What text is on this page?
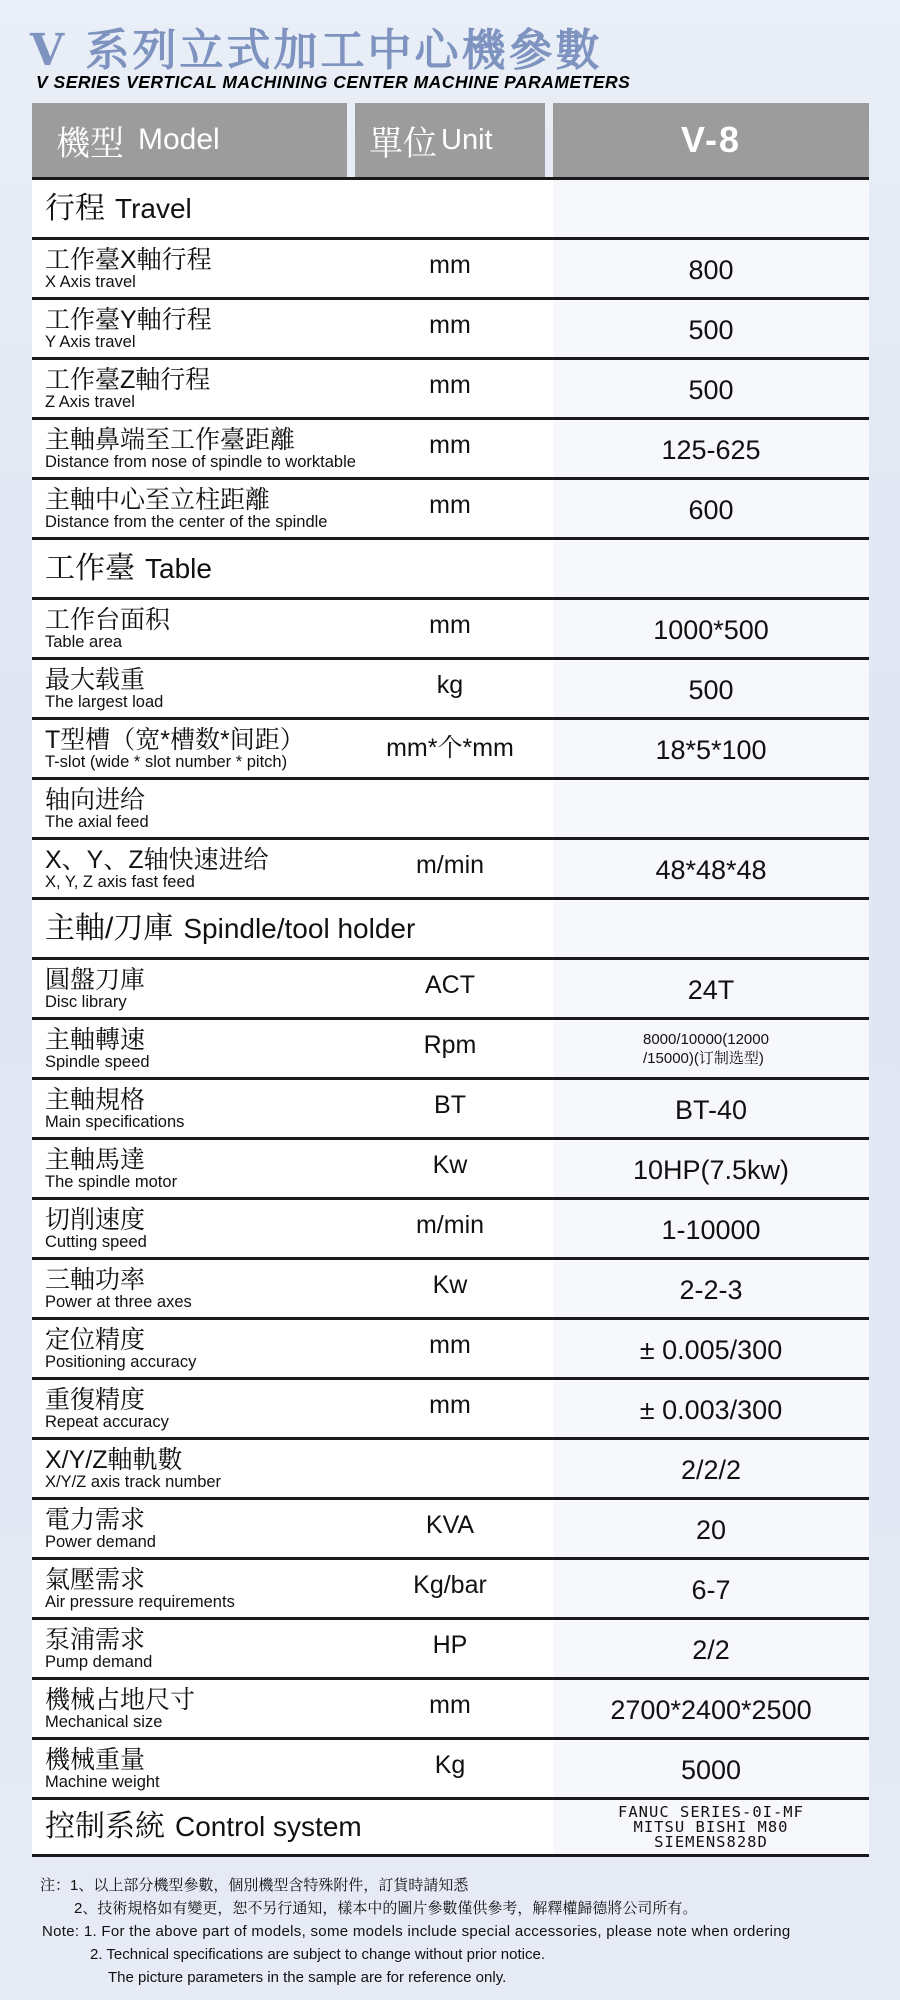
V 系列立式加工中心機參數
V SERIES VERTICAL MACHINING CENTER MACHINE PARAMETERS
機型 Model	單位 Unit	V-8
行程 Travel
工作臺X軸行程
X Axis travel
mm	800
工作臺Y軸行程
Y Axis travel
mm	500
工作臺Z軸行程
Z Axis travel
mm	500
主軸鼻端至工作臺距離
Distance from nose of spindle to worktable
mm	125-625
主軸中心至立柱距離
Distance from the center of the spindle
mm	600
工作臺 Table
工作台面积
Table area
mm	1000*500
最大载重
The largest load
kg	500
T型槽（宽*槽数*间距）
T-slot (wide * slot number * pitch)	mm*个*mm	18*5*100
轴向进给
The axial feed
X、Y、Z轴快速进给
X, Y, Z axis fast feed
m/min	48*48*48
主軸/刀庫 Spindle/tool holder
圓盤刀庫
Disc library
ACT	24T
主軸轉速
Spindle speed
Rpm	8000/10000(12000
/15000)(订制选型)
主軸規格
Main specifications
BT	BT-40
主軸馬達
The spindle motor
Kw	10HP(7.5kw)
切削速度
Cutting speed
m/min	1-10000
三軸功率
Power at three axes
Kw	2-2-3
定位精度
Positioning accuracy
mm	± 0.005/300
重復精度
Repeat accuracy
mm	± 0.003/300
X/Y/Z軸軌數
X/Y/Z axis track number	2/2/2
電力需求
Power demand
KVA	20
氣壓需求
Air pressure requirements
Kg/bar	6-7
泵浦需求
Pump demand
HP	2/2
機械占地尺寸
Mechanical size
mm	2700*2400*2500
機械重量
Machine weight
Kg	5000
控制系統 Control system	FANUC SERIES-0I-MF
MITSU BISHI M80
SIEMENS828D
注：1、以上部分機型參數，個別機型含特殊附件，訂貨時請知悉
2、技術規格如有變更，恕不另行通知，樣本中的圖片參數僅供參考，解釋權歸德將公司所有。
Note: 1. For the above part of models, some models include special accessories, please note when ordering
2. Technical specifications are subject to change without prior notice.
The picture parameters in the sample are for reference only.
